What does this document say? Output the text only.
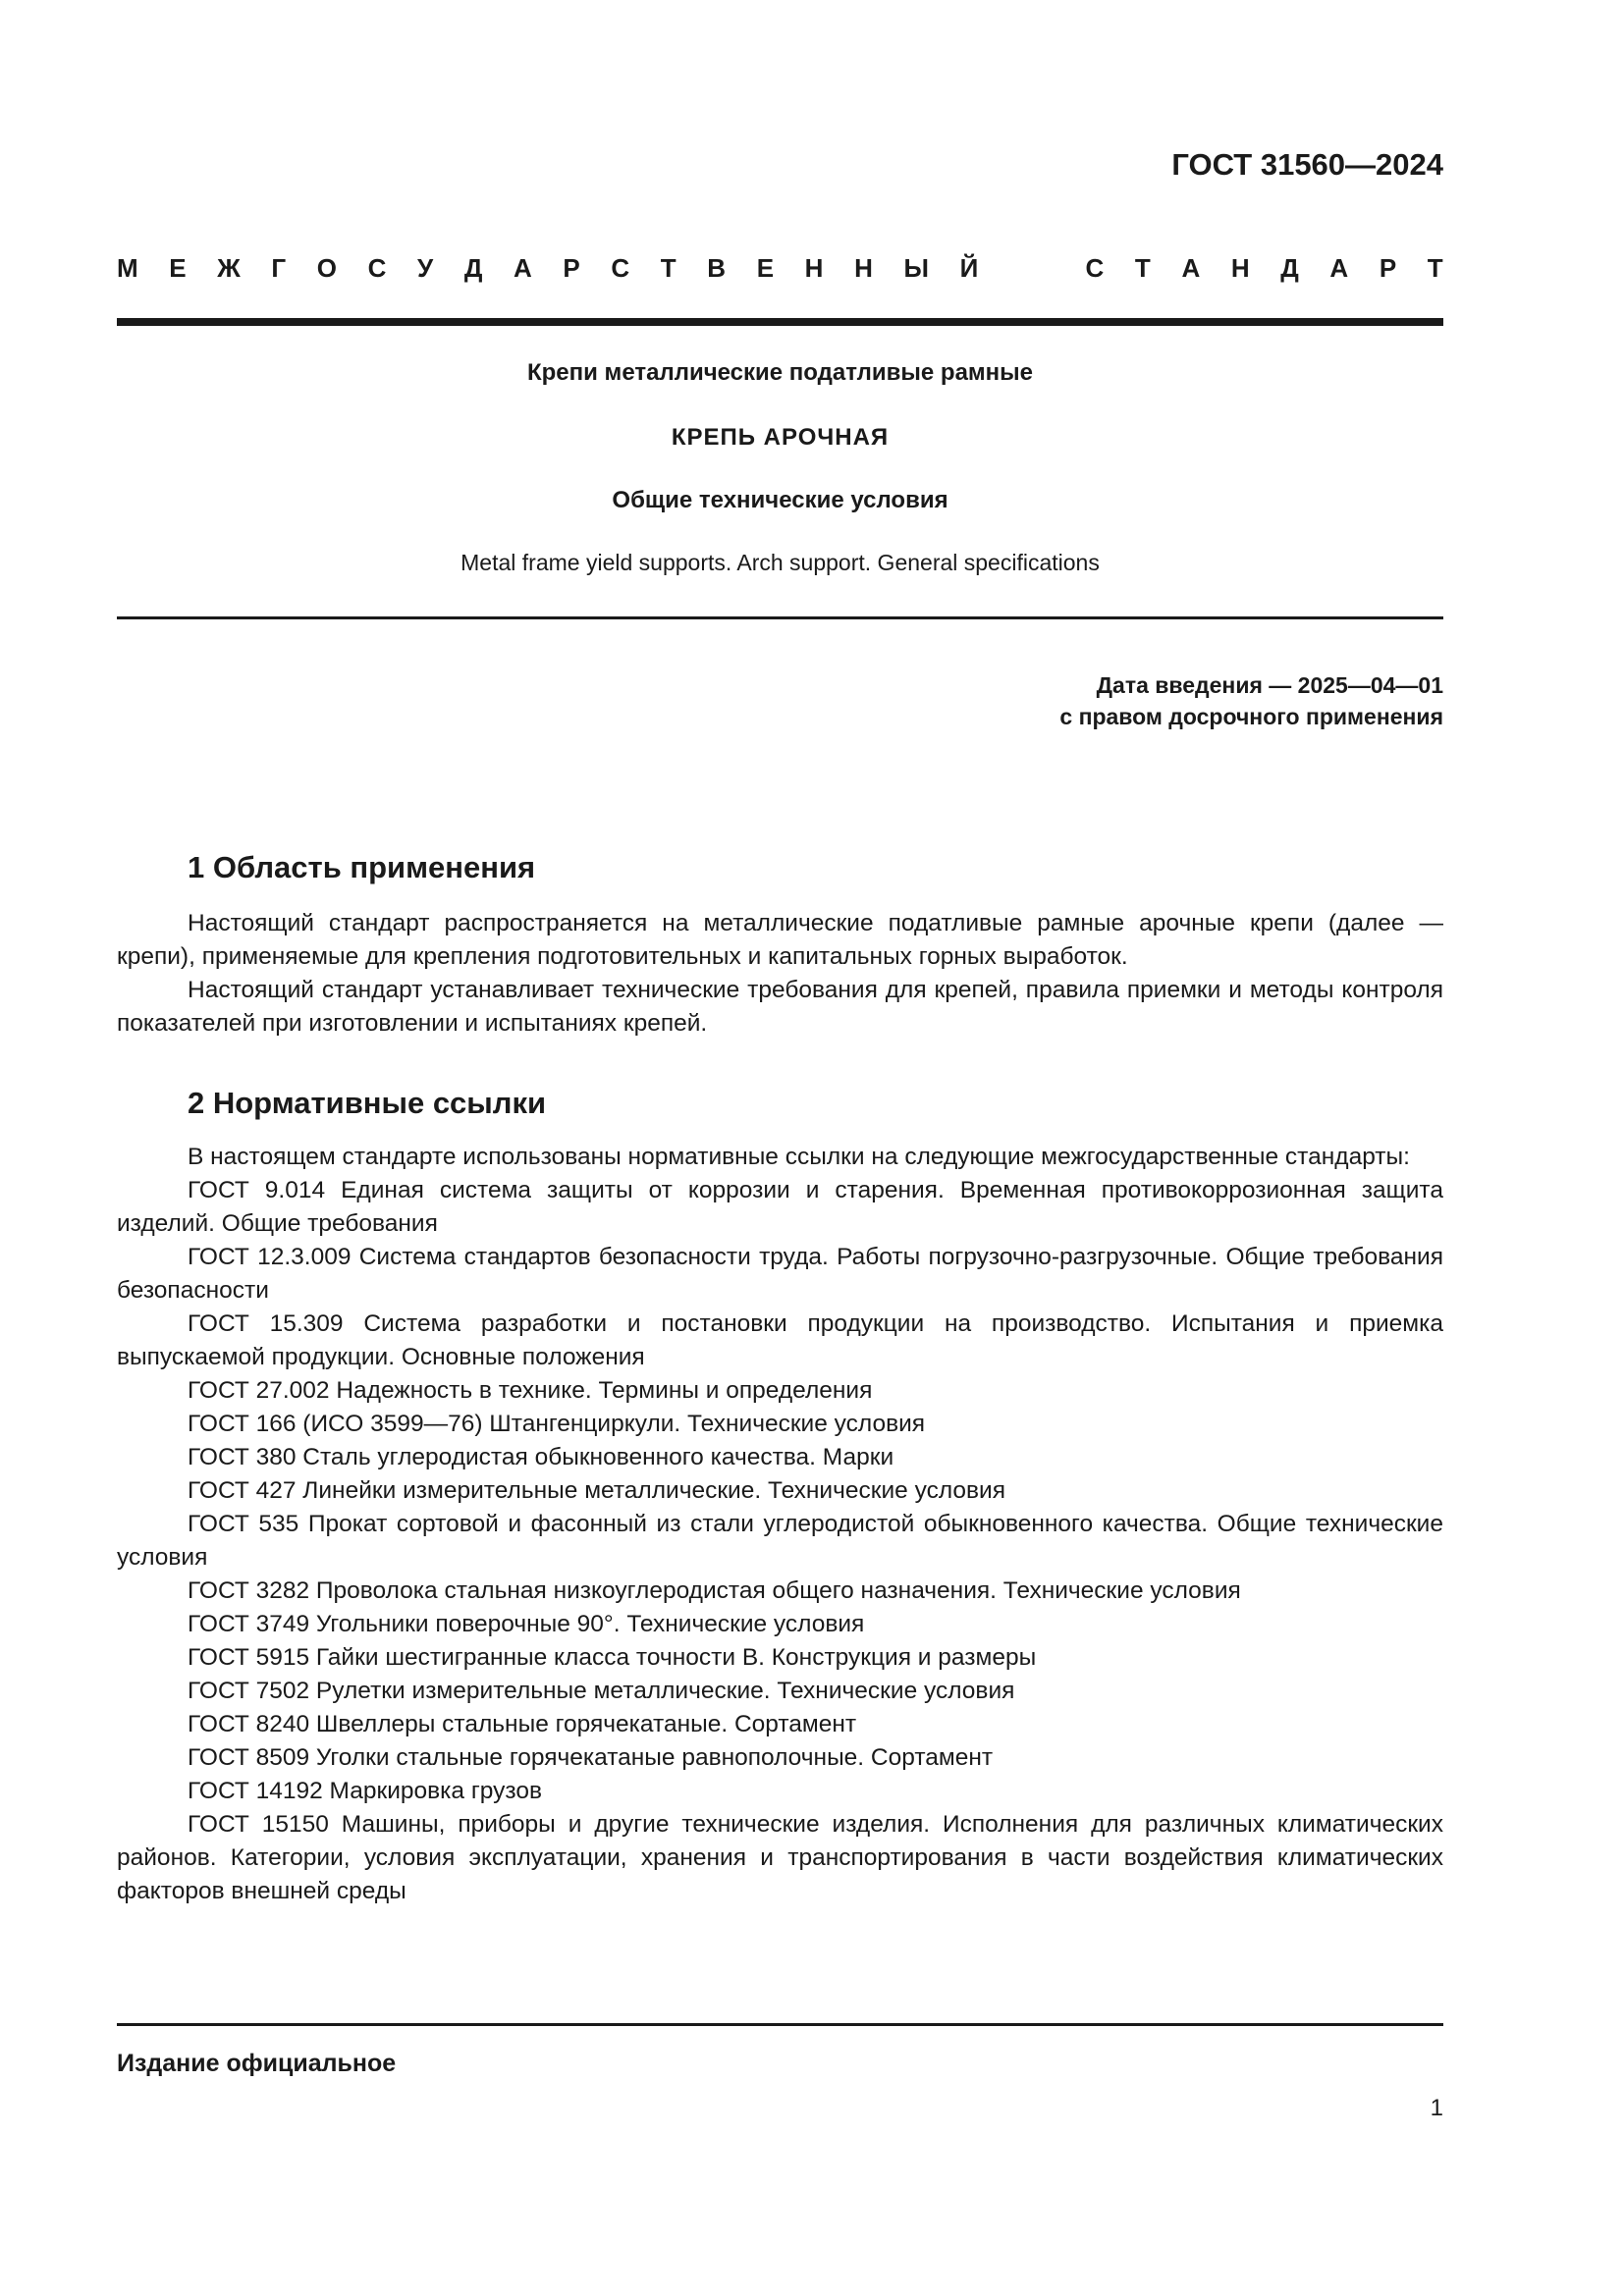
ГОСТ 31560—2024
М Е Ж Г О С У Д А Р С Т В Е Н Н Ы Й	С Т А Н Д А Р Т
Крепи металлические податливые рамные
КРЕПЬ АРОЧНАЯ
Общие технические условия
Metal frame yield supports. Arch support. General specifications
Дата введения — 2025—04—01
с правом досрочного применения
1 Область применения

Настоящий стандарт распространяется на металлические податливые рамные арочные крепи (далее — крепи), применяемые для крепления подготовительных и капитальных горных выработок.

Настоящий стандарт устанавливает технические требования для крепей, правила приемки и методы контроля показателей при изготовлении и испытаниях крепей.

2 Нормативные ссылки

В настоящем стандарте использованы нормативные ссылки на следующие межгосударственные стандарты:

ГОСТ 9.014 Единая система защиты от коррозии и старения. Временная противокоррозионная защита изделий. Общие требования

ГОСТ 12.3.009 Система стандартов безопасности труда. Работы погрузочно-разгрузочные. Общие требования безопасности

ГОСТ 15.309 Система разработки и постановки продукции на производство. Испытания и приемка выпускаемой продукции. Основные положения

ГОСТ 27.002 Надежность в технике. Термины и определения

ГОСТ 166 (ИСО 3599—76) Штангенциркули. Технические условия

ГОСТ 380 Сталь углеродистая обыкновенного качества. Марки

ГОСТ 427 Линейки измерительные металлические. Технические условия

ГОСТ 535 Прокат сортовой и фасонный из стали углеродистой обыкновенного качества. Общие технические условия

ГОСТ 3282 Проволока стальная низкоуглеродистая общего назначения. Технические условия

ГОСТ 3749 Угольники поверочные 90°. Технические условия

ГОСТ 5915 Гайки шестигранные класса точности В. Конструкция и размеры

ГОСТ 7502 Рулетки измерительные металлические. Технические условия

ГОСТ 8240 Швеллеры стальные горячекатаные. Сортамент

ГОСТ 8509 Уголки стальные горячекатаные равнополочные. Сортамент

ГОСТ 14192 Маркировка грузов

ГОСТ 15150 Машины, приборы и другие технические изделия. Исполнения для различных климатических районов. Категории, условия эксплуатации, хранения и транспортирования в части воздействия климатических факторов внешней среды

Издание официальное
1
